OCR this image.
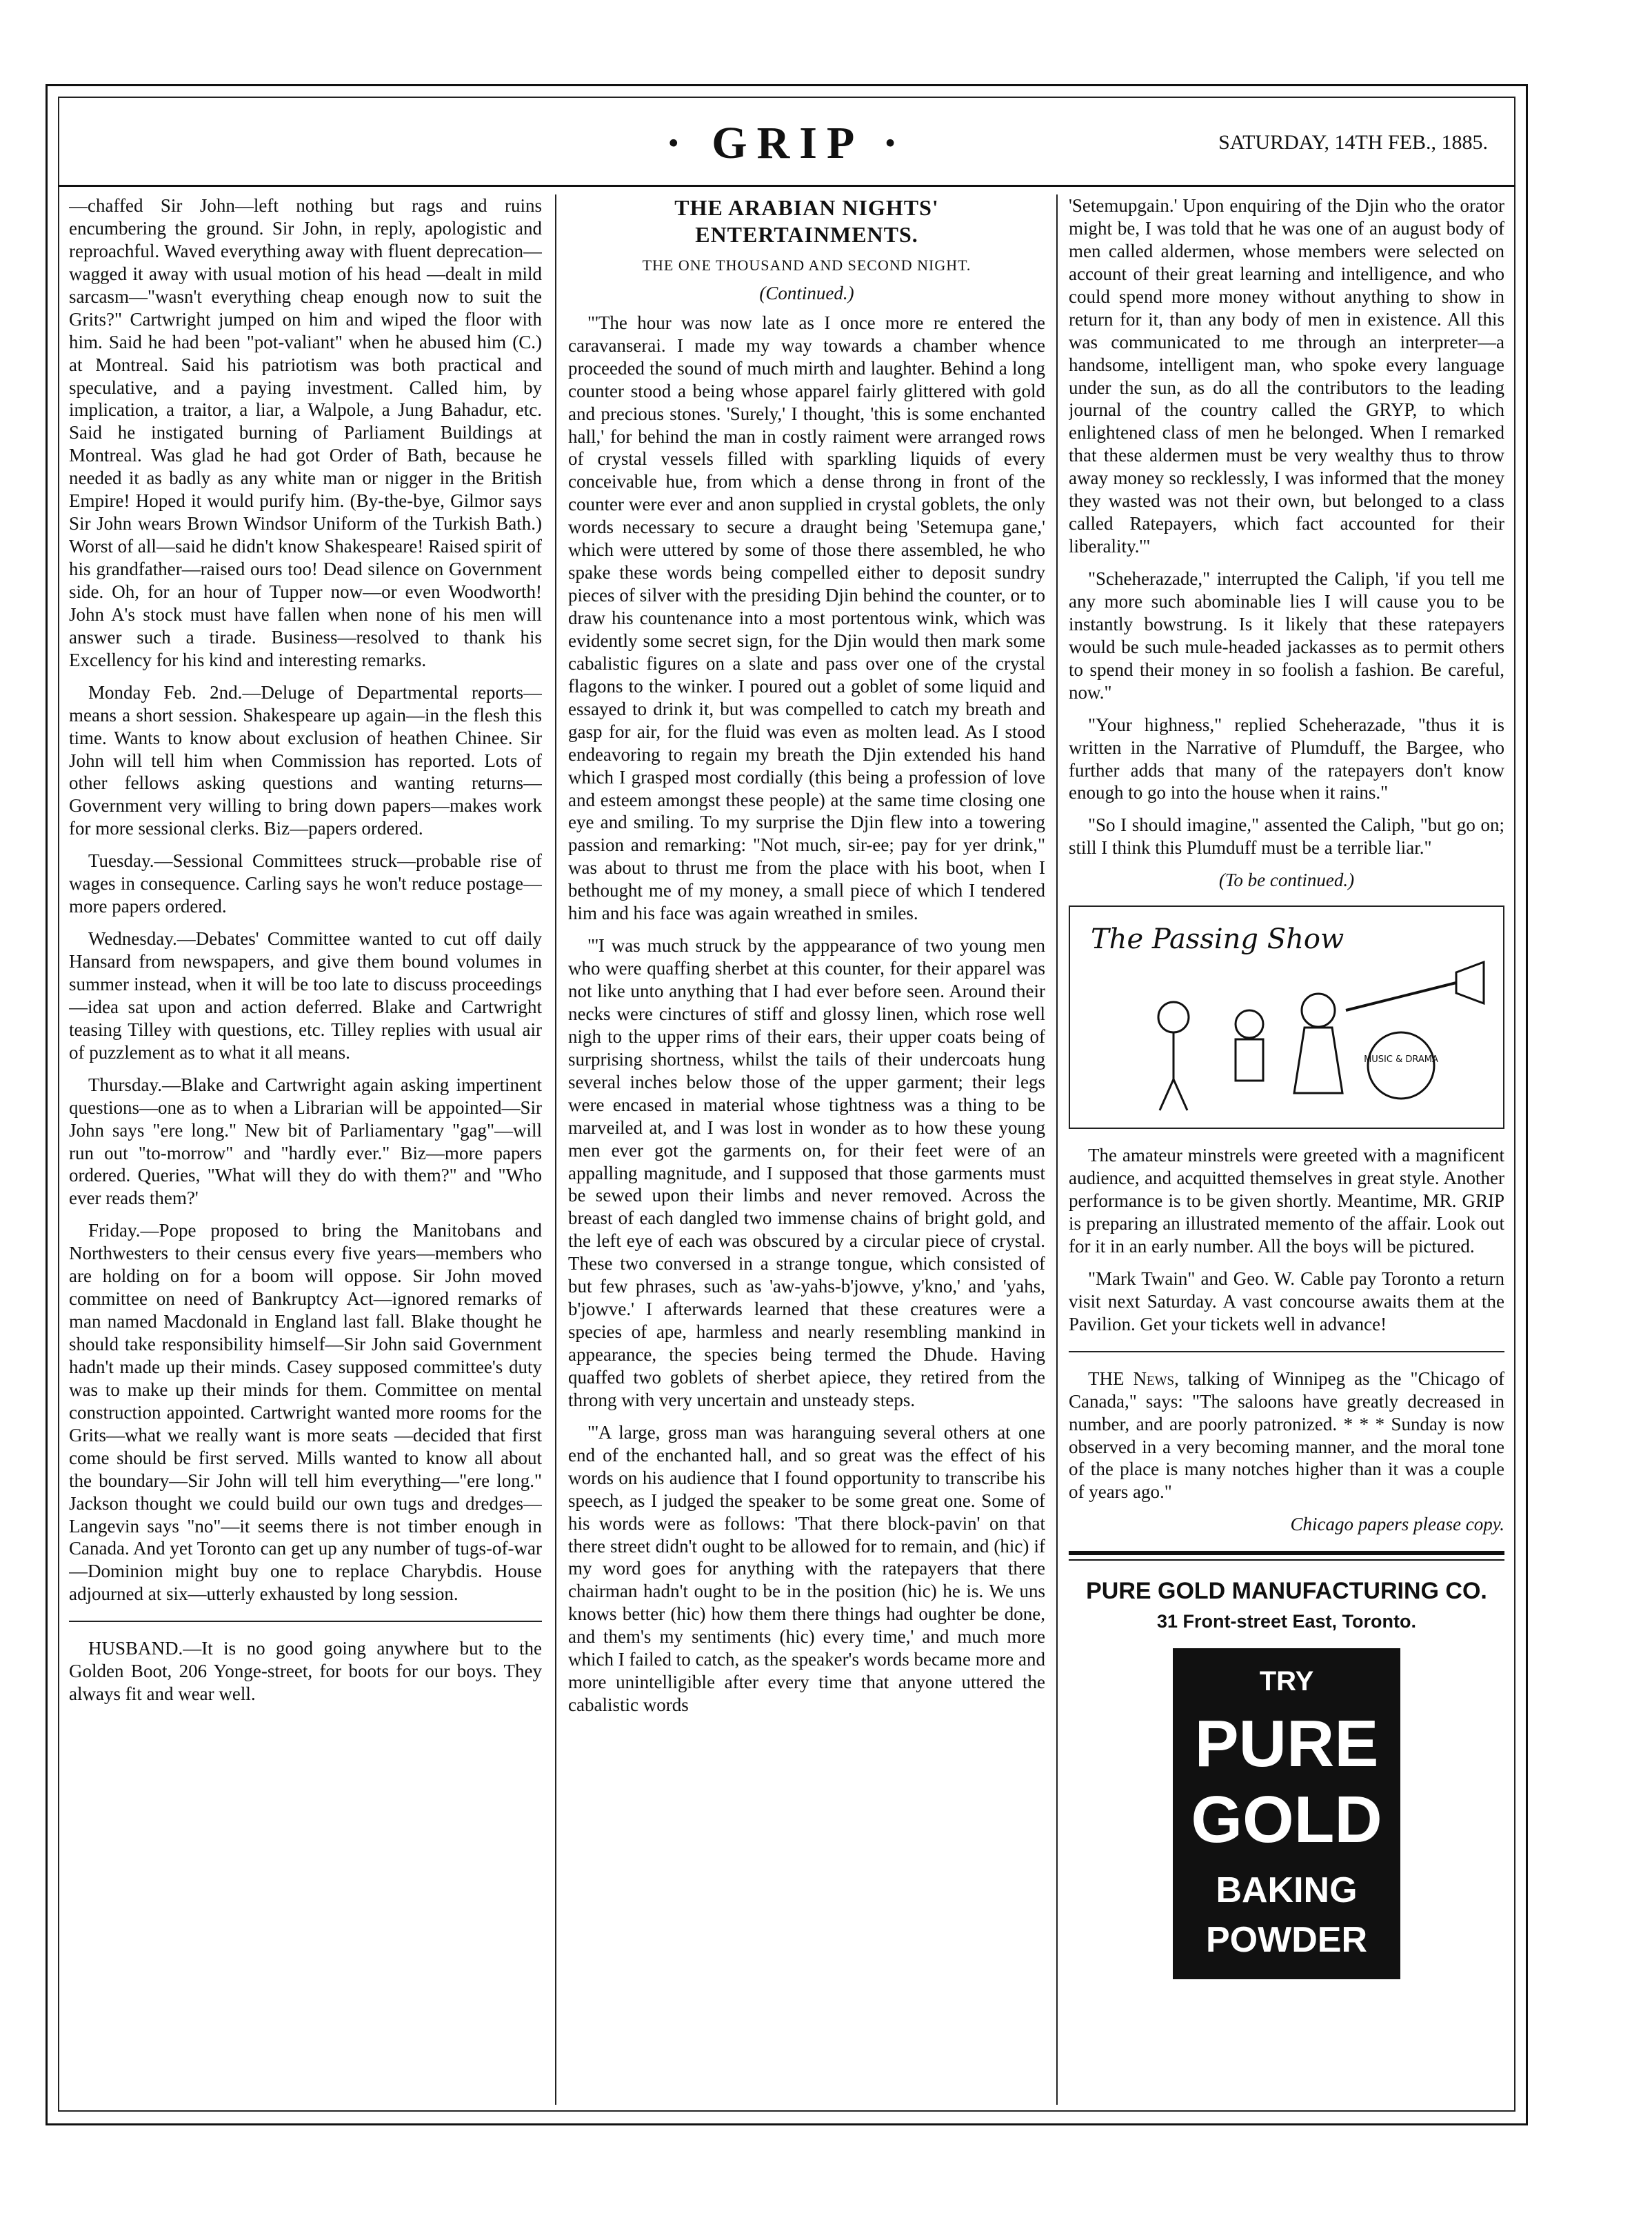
· GRIP ·	SATURDAY, 14TH FEB., 1885.

—chaffed Sir John—left nothing but rags and ruins encumbering the ground. Sir John, in reply, apologistic and reproachful. Waved everything away with fluent deprecation—wagged it away with usual motion of his head —dealt in mild sarcasm—"wasn't everything cheap enough now to suit the Grits?" Cartwright jumped on him and wiped the floor with him. Said he had been "pot-valiant" when he abused him (C.) at Montreal. Said his patriotism was both practical and speculative, and a paying investment. Called him, by implication, a traitor, a liar, a Walpole, a Jung Bahadur, etc. Said he instigated burning of Parliament Buildings at Montreal. Was glad he had got Order of Bath, because he needed it as badly as any white man or nigger in the British Empire! Hoped it would purify him. (By-the-bye, Gilmor says Sir John wears Brown Windsor Uniform of the Turkish Bath.) Worst of all—said he didn't know Shakespeare! Raised spirit of his grandfather—raised ours too! Dead silence on Government side. Oh, for an hour of Tupper now—or even Woodworth! John A's stock must have fallen when none of his men will answer such a tirade. Business—resolved to thank his Excellency for his kind and interesting remarks.

Monday Feb. 2nd.—Deluge of Departmental reports—means a short session. Shakespeare up again—in the flesh this time. Wants to know about exclusion of heathen Chinee. Sir John will tell him when Commission has reported. Lots of other fellows asking questions and wanting returns—Government very willing to bring down papers—makes work for more sessional clerks. Biz—papers ordered.

Tuesday.—Sessional Committees struck—probable rise of wages in consequence. Carling says he won't reduce postage—more papers ordered.

Wednesday.—Debates' Committee wanted to cut off daily Hansard from newspapers, and give them bound volumes in summer instead, when it will be too late to discuss proceedings —idea sat upon and action deferred. Blake and Cartwright teasing Tilley with questions, etc. Tilley replies with usual air of puzzlement as to what it all means.

Thursday.—Blake and Cartwright again asking impertinent questions—one as to when a Librarian will be appointed—Sir John says "ere long." New bit of Parliamentary "gag"—will run out "to-morrow" and "hardly ever." Biz—more papers ordered. Queries, "What will they do with them?" and "Who ever reads them?'

Friday.—Pope proposed to bring the Manitobans and Northwesters to their census every five years—members who are holding on for a boom will oppose. Sir John moved committee on need of Bankruptcy Act—ignored remarks of man named Macdonald in England last fall. Blake thought he should take responsibility himself—Sir John said Government hadn't made up their minds. Casey supposed committee's duty was to make up their minds for them. Committee on mental construction appointed. Cartwright wanted more rooms for the Grits—what we really want is more seats —decided that first come should be first served. Mills wanted to know all about the boundary—Sir John will tell him everything—"ere long." Jackson thought we could build our own tugs and dredges—Langevin says "no"—it seems there is not timber enough in Canada. And yet Toronto can get up any number of tugs-of-war—Dominion might buy one to replace Charybdis. House adjourned at six—utterly exhausted by long session.

HUSBAND.—It is no good going anywhere but to the Golden Boot, 206 Yonge-street, for boots for our boys. They always fit and wear well.

THE ARABIAN NIGHTS' ENTERTAINMENTS.
THE ONE THOUSAND AND SECOND NIGHT.
(Continued.)

"'The hour was now late as I once more re entered the caravanserai. I made my way towards a chamber whence proceeded the sound of much mirth and laughter. Behind a long counter stood a being whose apparel fairly glittered with gold and precious stones. 'Surely,' I thought, 'this is some enchanted hall,' for behind the man in costly raiment were arranged rows of crystal vessels filled with sparkling liquids of every conceivable hue, from which a dense throng in front of the counter were ever and anon supplied in crystal goblets, the only words necessary to secure a draught being 'Setemupa gane,' which were uttered by some of those there assembled, he who spake these words being compelled either to deposit sundry pieces of silver with the presiding Djin behind the counter, or to draw his countenance into a most portentous wink, which was evidently some secret sign, for the Djin would then mark some cabalistic figures on a slate and pass over one of the crystal flagons to the winker. I poured out a goblet of some liquid and essayed to drink it, but was compelled to catch my breath and gasp for air, for the fluid was even as molten lead. As I stood endeavoring to regain my breath the Djin extended his hand which I grasped most cordially (this being a profession of love and esteem amongst these people) at the same time closing one eye and smiling. To my surprise the Djin flew into a towering passion and remarking: "Not much, sir-ee; pay for yer drink," was about to thrust me from the place with his boot, when I bethought me of my money, a small piece of which I tendered him and his face was again wreathed in smiles.

"'I was much struck by the apppearance of two young men who were quaffing sherbet at this counter, for their apparel was not like unto anything that I had ever before seen. Around their necks were cinctures of stiff and glossy linen, which rose well nigh to the upper rims of their ears, their upper coats being of surprising shortness, whilst the tails of their undercoats hung several inches below those of the upper garment; their legs were encased in material whose tightness was a thing to be marveiled at, and I was lost in wonder as to how these young men ever got the garments on, for their feet were of an appalling magnitude, and I supposed that those garments must be sewed upon their limbs and never removed. Across the breast of each dangled two immense chains of bright gold, and the left eye of each was obscured by a circular piece of crystal. These two conversed in a strange tongue, which consisted of but few phrases, such as 'aw-yahs-b'jowve, y'kno,' and 'yahs, b'jowve.' I afterwards learned that these creatures were a species of ape, harmless and nearly resembling mankind in appearance, the species being termed the Dhude. Having quaffed two goblets of sherbet apiece, they retired from the throng with very uncertain and unsteady steps.

"'A large, gross man was haranguing several others at one end of the enchanted hall, and so great was the effect of his words on his audience that I found opportunity to transcribe his speech, as I judged the speaker to be some great one. Some of his words were as follows: 'That there block-pavin' on that there street didn't ought to be allowed for to remain, and (hic) if my word goes for anything with the ratepayers that there chairman hadn't ought to be in the position (hic) he is. We uns knows better (hic) how them there things had oughter be done, and them's my sentiments (hic) every time,' and much more which I failed to catch, as the speaker's words became more and more unintelligible after every time that anyone uttered the cabalistic words

'Setemupgain.' Upon enquiring of the Djin who the orator might be, I was told that he was one of an august body of men called aldermen, whose members were selected on account of their great learning and intelligence, and who could spend more money without anything to show in return for it, than any body of men in existence. All this was communicated to me through an interpreter—a handsome, intelligent man, who spoke every language under the sun, as do all the contributors to the leading journal of the country called the GRYP, to which enlightened class of men he belonged. When I remarked that these aldermen must be very wealthy thus to throw away money so recklessly, I was informed that the money they wasted was not their own, but belonged to a class called Ratepayers, which fact accounted for their liberality.'"

"Scheherazade," interrupted the Caliph, 'if you tell me any more such abominable lies I will cause you to be instantly bowstrung. Is it likely that these ratepayers would be such mule-headed jackasses as to permit others to spend their money in so foolish a fashion. Be careful, now."

"Your highness," replied Scheherazade, "thus it is written in the Narrative of Plumduff, the Bargee, who further adds that many of the ratepayers don't know enough to go into the house when it rains."

"So I should imagine," assented the Caliph, "but go on; still I think this Plumduff must be a terrible liar."

(To be continued.)
The Passing Show
MUSIC & DRAMA

The amateur minstrels were greeted with a magnificent audience, and acquitted themselves in great style. Another performance is to be given shortly. Meantime, MR. GRIP is preparing an illustrated memento of the affair. Look out for it in an early number. All the boys will be pictured.

"Mark Twain" and Geo. W. Cable pay Toronto a return visit next Saturday. A vast concourse awaits them at the Pavilion. Get your tickets well in advance!

THE News, talking of Winnipeg as the "Chicago of Canada," says: "The saloons have greatly decreased in number, and are poorly patronized. * * * Sunday is now observed in a very becoming manner, and the moral tone of the place is many notches higher than it was a couple of years ago."

Chicago papers please copy.

PURE GOLD MANUFACTURING CO.
31 Front-street East, Toronto.
TRY
PURE
GOLD
BAKING
POWDER
